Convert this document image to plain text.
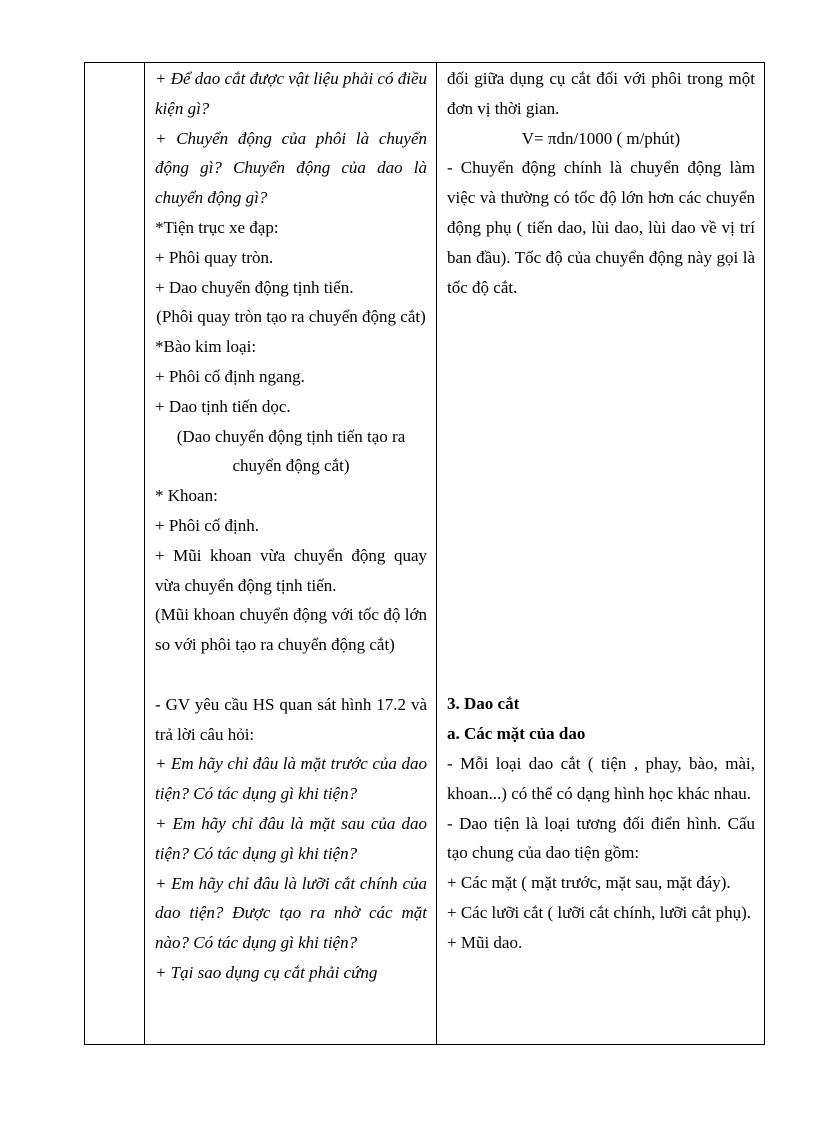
+ Để dao cắt được vật liệu phải có điều kiện gì?

+ Chuyển động của phôi là chuyển động gì? Chuyển động của dao là chuyển động gì?

*Tiện trục xe đạp:

+ Phôi quay tròn.

+ Dao chuyển động tịnh tiến.

(Phôi quay tròn tạo ra chuyển động cắt)

*Bào kim loại:

+ Phôi cố định ngang.

+ Dao tịnh tiến dọc.

(Dao chuyển động tịnh tiến tạo ra chuyển động cắt)

* Khoan:

+ Phôi cố định.

+ Mũi khoan vừa chuyển động quay vừa chuyển động tịnh tiến.

(Mũi khoan chuyển động với tốc độ lớn so với phôi tạo ra chuyển động cắt)

- GV yêu cầu HS quan sát hình 17.2 và trả lời câu hỏi:

+ Em hãy chỉ đâu là mặt trước của dao tiện? Có tác dụng gì khi tiện?

+ Em hãy chỉ đâu là mặt sau của dao tiện? Có tác dụng gì khi tiện?

+ Em hãy chỉ đâu là lưỡi cắt chính của dao tiện? Được tạo ra nhờ các mặt nào? Có tác dụng gì khi tiện?

+ Tại sao dụng cụ cắt phải cứng

đối giữa dụng cụ cắt đối với phôi trong một đơn vị thời gian.

V= πdn/1000 ( m/phút)

- Chuyển động chính là chuyển động làm việc và thường có tốc độ lớn hơn các chuyển động phụ ( tiến dao, lùi dao, lùi dao về vị trí ban đầu). Tốc độ của chuyển động này gọi là tốc độ cắt.

3. Dao cắt

a. Các mặt của dao

- Mỗi loại dao cắt ( tiện , phay, bào, mài, khoan...) có thể có dạng hình học khác nhau.

- Dao tiện là loại tương đối điển hình. Cấu tạo chung của dao tiện gồm:

+ Các mặt ( mặt trước, mặt sau, mặt đáy).

+ Các lưỡi cắt ( lưỡi cắt chính, lưỡi cắt phụ).

+ Mũi dao.
